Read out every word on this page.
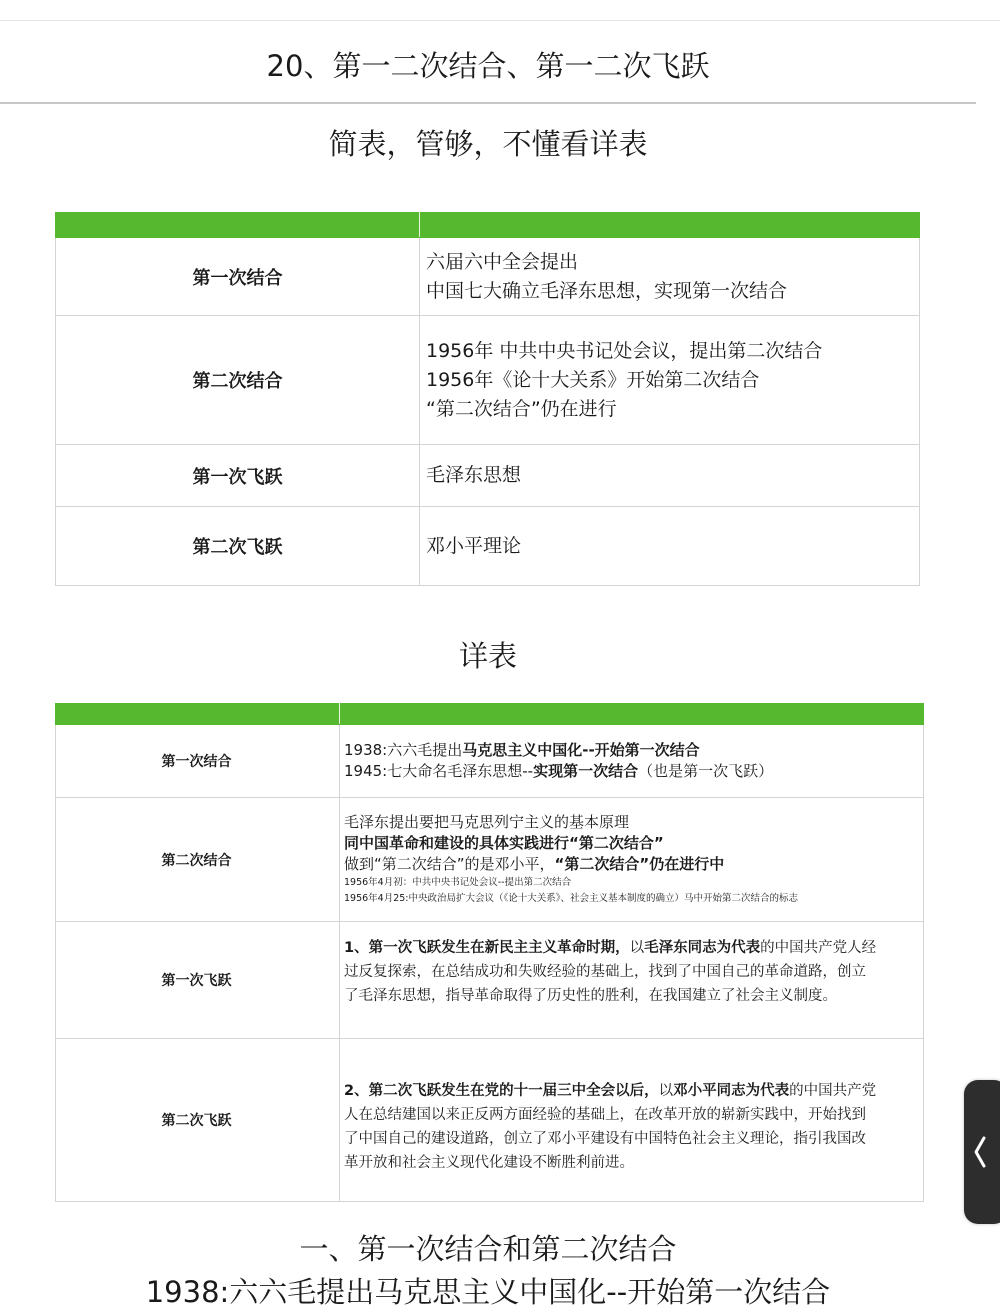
20、第一二次结合、第一二次飞跃
简表，管够，不懂看详表

第一次结合	六届六中全会提出
中国七大确立毛泽东思想，实现第一次结合

第二次结合	1956年 中共中央书记处会议，提出第二次结合
1956年《论十大关系》开始第二次结合
“第二次结合”仍在进行

第一次飞跃	毛泽东思想

第二次飞跃	邓小平理论
详表

第一次结合	1938:六六毛提出马克思主义中国化--开始第一次结合
1945:七大命名毛泽东思想--实现第一次结合（也是第一次飞跃）

第二次结合	毛泽东提出要把马克思列宁主义的基本原理
同中国革命和建设的具体实践进行“第二次结合”
做到“第二次结合”的是邓小平，“第二次结合”仍在进行中
1956年4月初：中共中央书记处会议--提出第二次结合
1956年4月25:中央政治局扩大会议（《论十大关系》、社会主义基本制度的确立）马中开始第二次结合的标志

第一次飞跃	1、第一次飞跃发生在新民主主义革命时期，以毛泽东同志为代表的中国共产党人经
过反复探索，在总结成功和失败经验的基础上，找到了中国自己的革命道路，创立
了毛泽东思想，指导革命取得了历史性的胜利，在我国建立了社会主义制度。

第二次飞跃	2、第二次飞跃发生在党的十一届三中全会以后，以邓小平同志为代表的中国共产党
人在总结建国以来正反两方面经验的基础上，在改革开放的崭新实践中，开始找到
了中国自己的建设道路，创立了邓小平建设有中国特色社会主义理论，指引我国改
革开放和社会主义现代化建设不断胜利前进。
一、第一次结合和第二次结合
1938:六六毛提出马克思主义中国化--开始第一次结合
